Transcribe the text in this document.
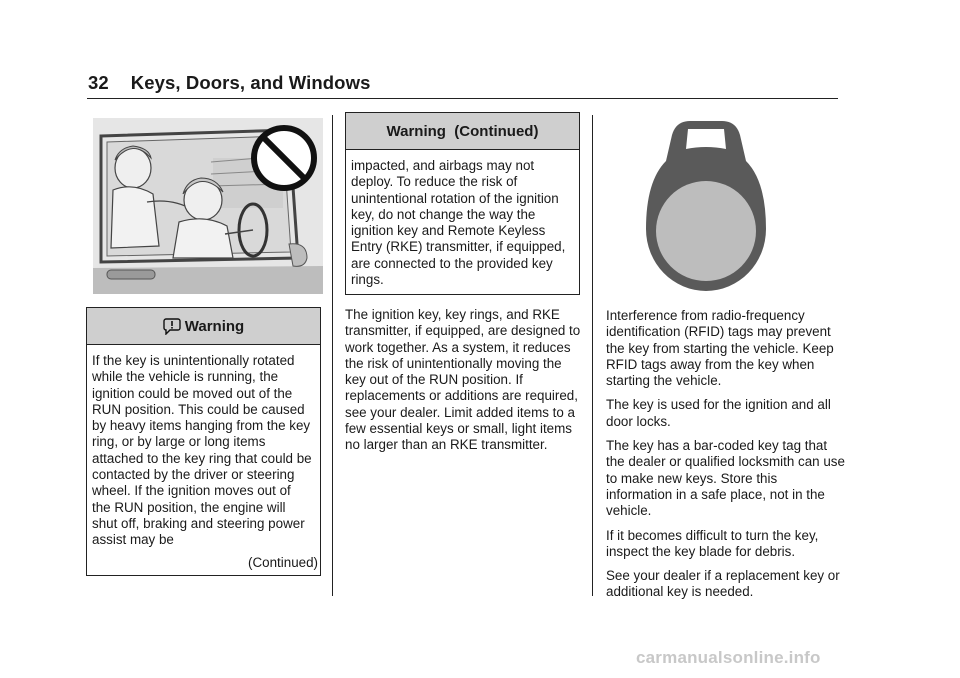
32 Keys, Doors, and Windows
Warning
If the key is unintentionally rotated while the vehicle is running, the ignition could be moved out of the RUN position. This could be caused by heavy items hanging from the key ring, or by large or long items attached to the key ring that could be contacted by the driver or steering wheel. If the ignition moves out of the RUN position, the engine will shut off, braking and steering power assist may be
(Continued)
Warning  (Continued)
impacted, and airbags may not deploy. To reduce the risk of unintentional rotation of the ignition key, do not change the way the ignition key and Remote Keyless Entry (RKE) transmitter, if equipped, are connected to the provided key rings.

The ignition key, key rings, and RKE transmitter, if equipped, are designed to work together. As a system, it reduces the risk of unintentionally moving the key out of the RUN position. If replacements or additions are required, see your dealer. Limit added items to a few essential keys or small, light items no larger than an RKE transmitter.

Interference from radio-frequency identification (RFID) tags may prevent the key from starting the vehicle. Keep RFID tags away from the key when starting the vehicle.

The key is used for the ignition and all door locks.

The key has a bar-coded key tag that the dealer or qualified locksmith can use to make new keys. Store this information in a safe place, not in the vehicle.

If it becomes difficult to turn the key, inspect the key blade for debris.

See your dealer if a replacement key or additional key is needed.

carmanualsonline.info
